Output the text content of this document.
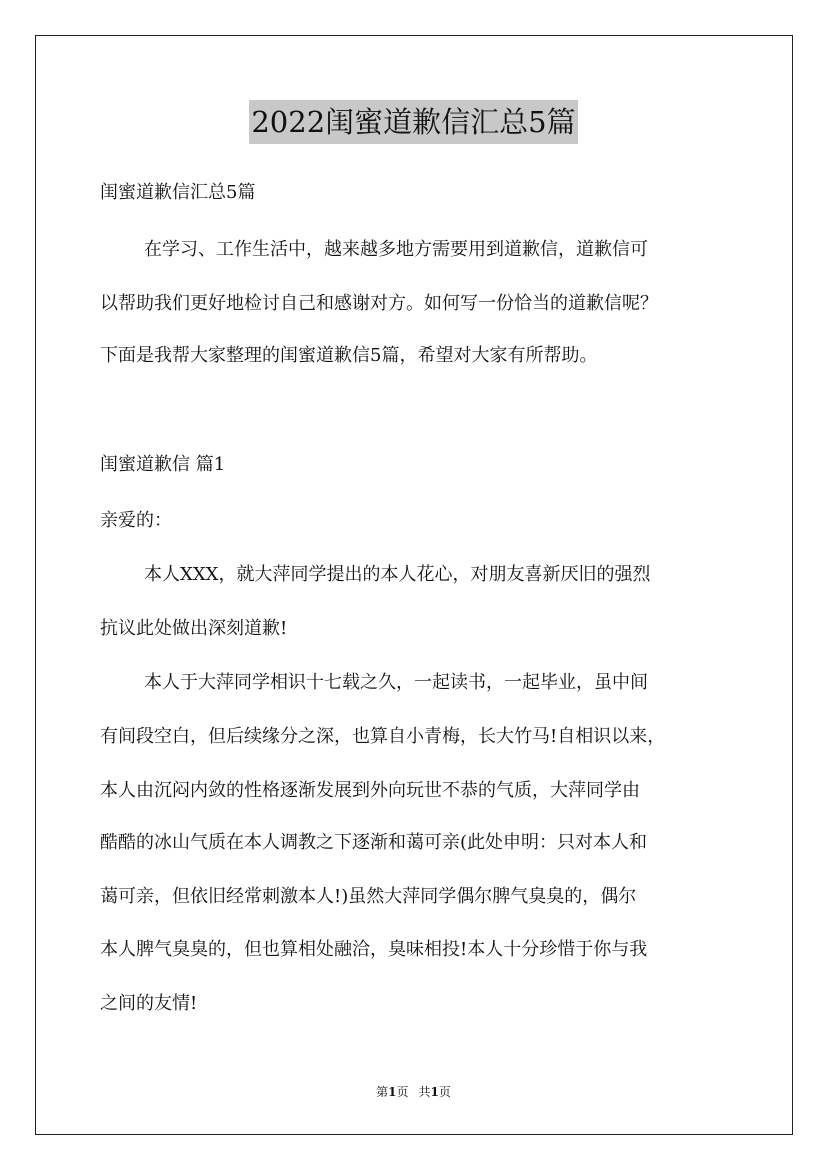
2022闺蜜道歉信汇总5篇
闺蜜道歉信汇总5篇
在学习、工作生活中，越来越多地方需要用到道歉信，道歉信可
以帮助我们更好地检讨自己和感谢对方。如何写一份恰当的道歉信呢？
下面是我帮大家整理的闺蜜道歉信5篇，希望对大家有所帮助。
闺蜜道歉信 篇1
亲爱的：
本人XXX，就大萍同学提出的本人花心，对朋友喜新厌旧的强烈
抗议此处做出深刻道歉!
本人于大萍同学相识十七载之久，一起读书，一起毕业，虽中间
有间段空白，但后续缘分之深，也算自小青梅，长大竹马!自相识以来，
本人由沉闷内敛的性格逐渐发展到外向玩世不恭的气质，大萍同学由
酷酷的冰山气质在本人调教之下逐渐和蔼可亲(此处申明：只对本人和
蔼可亲，但依旧经常刺激本人!)虽然大萍同学偶尔脾气臭臭的，偶尔
本人脾气臭臭的，但也算相处融洽，臭味相投!本人十分珍惜于你与我
之间的友情!
第1页 共1页
